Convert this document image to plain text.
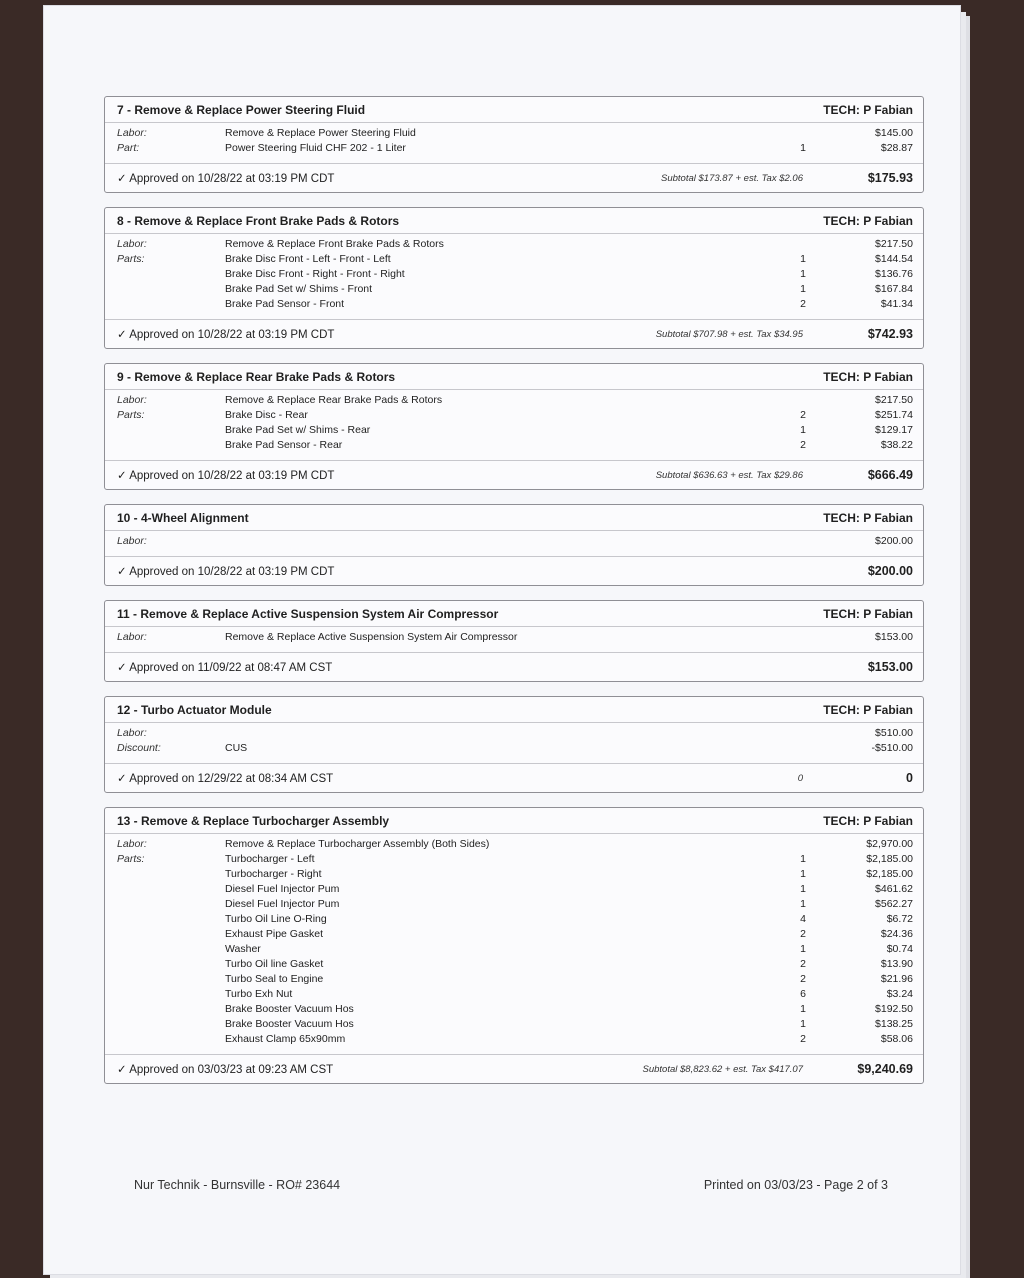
7 - Remove & Replace Power Steering Fluid	TECH: P Fabian
Labor:	Remove & Replace Power Steering Fluid	$145.00
Part:	Power Steering Fluid CHF 202 - 1 Liter	1	$28.87
✓ Approved on 10/28/22 at 03:19 PM CDT	Subtotal $173.87 + est. Tax $2.06	$175.93
8 - Remove & Replace Front Brake Pads & Rotors	TECH: P Fabian
Labor:	Remove & Replace Front Brake Pads & Rotors	$217.50
Parts:	Brake Disc Front - Left - Front - Left	1	$144.54
Brake Disc Front - Right - Front - Right	1	$136.76
Brake Pad Set w/ Shims - Front	1	$167.84
Brake Pad Sensor - Front	2	$41.34
✓ Approved on 10/28/22 at 03:19 PM CDT	Subtotal $707.98 + est. Tax $34.95	$742.93
9 - Remove & Replace Rear Brake Pads & Rotors	TECH: P Fabian
Labor:	Remove & Replace Rear Brake Pads & Rotors	$217.50
Parts:	Brake Disc - Rear	2	$251.74
Brake Pad Set w/ Shims - Rear	1	$129.17
Brake Pad Sensor - Rear	2	$38.22
✓ Approved on 10/28/22 at 03:19 PM CDT	Subtotal $636.63 + est. Tax $29.86	$666.49
10 - 4-Wheel Alignment	TECH: P Fabian
Labor:	$200.00
✓ Approved on 10/28/22 at 03:19 PM CDT	$200.00
11 - Remove & Replace Active Suspension System Air Compressor	TECH: P Fabian
Labor:	Remove & Replace Active Suspension System Air Compressor	$153.00
✓ Approved on 11/09/22 at 08:47 AM CST	$153.00
12 - Turbo Actuator Module	TECH: P Fabian
Labor:	$510.00
Discount:	CUS	-$510.00
✓ Approved on 12/29/22 at 08:34 AM CST	0	0
13 - Remove & Replace Turbocharger Assembly	TECH: P Fabian
Labor:	Remove & Replace Turbocharger Assembly (Both Sides)	$2,970.00
Parts:	Turbocharger - Left	1	$2,185.00
Turbocharger - Right	1	$2,185.00
Diesel Fuel Injector Pum	1	$461.62
Diesel Fuel Injector Pum	1	$562.27
Turbo Oil Line O-Ring	4	$6.72
Exhaust Pipe Gasket	2	$24.36
Washer	1	$0.74
Turbo Oil line Gasket	2	$13.90
Turbo Seal to Engine	2	$21.96
Turbo Exh Nut	6	$3.24
Brake Booster Vacuum Hos	1	$192.50
Brake Booster Vacuum Hos	1	$138.25
Exhaust Clamp 65x90mm	2	$58.06
✓ Approved on 03/03/23 at 09:23 AM CST	Subtotal $8,823.62 + est. Tax $417.07	$9,240.69
Nur Technik - Burnsville - RO# 23644	Printed on 03/03/23 - Page 2 of 3
